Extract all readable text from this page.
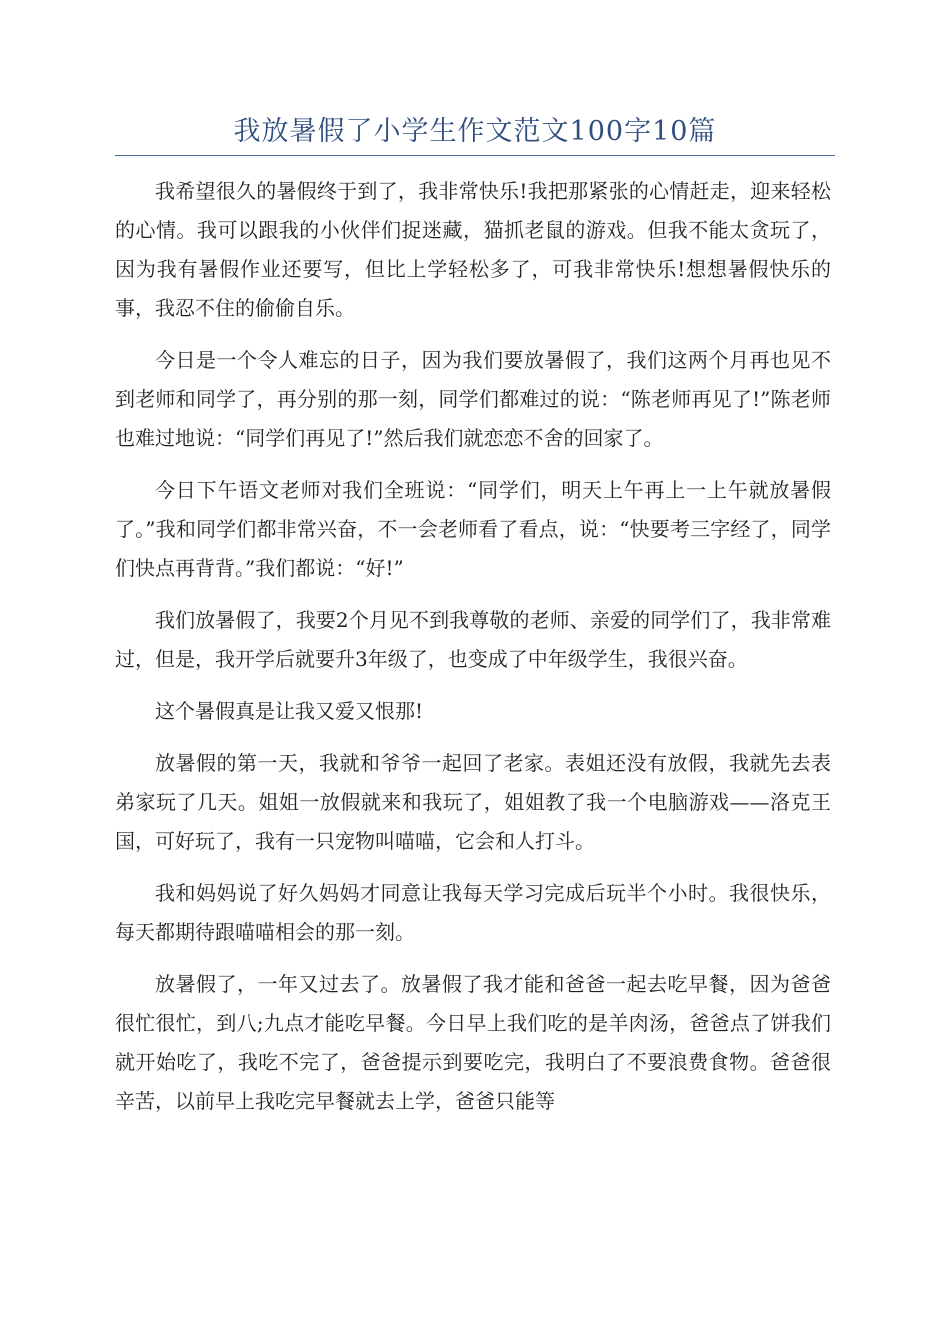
我放暑假了小学生作文范文100字10篇

我希望很久的暑假终于到了，我非常快乐!我把那紧张的心情赶走，迎来轻松的心情。我可以跟我的小伙伴们捉迷藏，猫抓老鼠的游戏。但我不能太贪玩了，因为我有暑假作业还要写，但比上学轻松多了，可我非常快乐!想想暑假快乐的事，我忍不住的偷偷自乐。

今日是一个令人难忘的日子，因为我们要放暑假了，我们这两个月再也见不到老师和同学了，再分别的那一刻，同学们都难过的说：“陈老师再见了!”陈老师也难过地说：“同学们再见了!”然后我们就恋恋不舍的回家了。

今日下午语文老师对我们全班说：“同学们，明天上午再上一上午就放暑假了。”我和同学们都非常兴奋，不一会老师看了看点，说：“快要考三字经了，同学们快点再背背。”我们都说：“好!”

我们放暑假了，我要2个月见不到我尊敬的老师、亲爱的同学们了，我非常难过，但是，我开学后就要升3年级了，也变成了中年级学生，我很兴奋。

这个暑假真是让我又爱又恨那!

放暑假的第一天，我就和爷爷一起回了老家。表姐还没有放假，我就先去表弟家玩了几天。姐姐一放假就来和我玩了，姐姐教了我一个电脑游戏——洛克王国，可好玩了，我有一只宠物叫喵喵，它会和人打斗。

我和妈妈说了好久妈妈才同意让我每天学习完成后玩半个小时。我很快乐，每天都期待跟喵喵相会的那一刻。

放暑假了，一年又过去了。放暑假了我才能和爸爸一起去吃早餐，因为爸爸很忙很忙，到八;九点才能吃早餐。今日早上我们吃的是羊肉汤，爸爸点了饼我们就开始吃了，我吃不完了，爸爸提示到要吃完，我明白了不要浪费食物。爸爸很辛苦，以前早上我吃完早餐就去上学，爸爸只能等
